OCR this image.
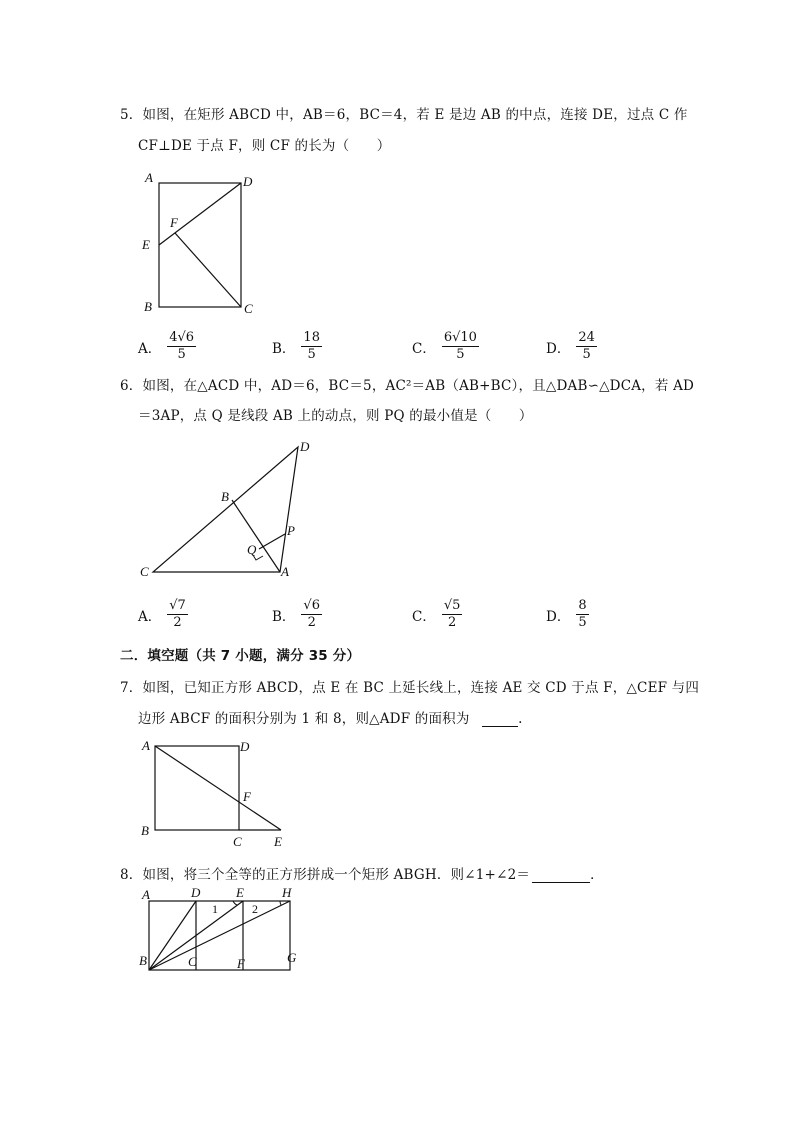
5．如图，在矩形 ABCD 中，AB＝6，BC＝4，若 E 是边 AB 的中点，连接 DE，过点 C 作
CF⊥DE 于点 F，则 CF 的长为（　　）
A	D
E
F
B	C
A． $\frac{4√6}{5}$	B． $\frac{18}{5}$	C． $\frac{6√10}{5}$	D． $\frac{24}{5}$
6．如图，在△ACD 中，AD＝6，BC＝5，AC²＝AB（AB+BC），且△DAB∽△DCA，若 AD
＝3AP，点 Q 是线段 AB 上的动点，则 PQ 的最小值是（　　）
D
B
P
Q
C	A
A． $\frac{√7}{2}$	B． $\frac{√6}{2}$	C． $\frac{√5}{2}$	D． $\frac{8}{5}$
二．填空题（共 7 小题，满分 35 分）
7．如图，已知正方形 ABCD，点 E 在 BC 上延长线上，连接 AE 交 CD 于点 F，△CEF 与四
边形 ABCF 的面积分别为 1 和 8，则△ADF 的面积为	.
A	D
F
B
C E
8．如图，将三个全等的正方形拼成一个矩形 ABGH．则∠1+∠2＝	．
A	D	E	H
1	2
B	C	F	G
